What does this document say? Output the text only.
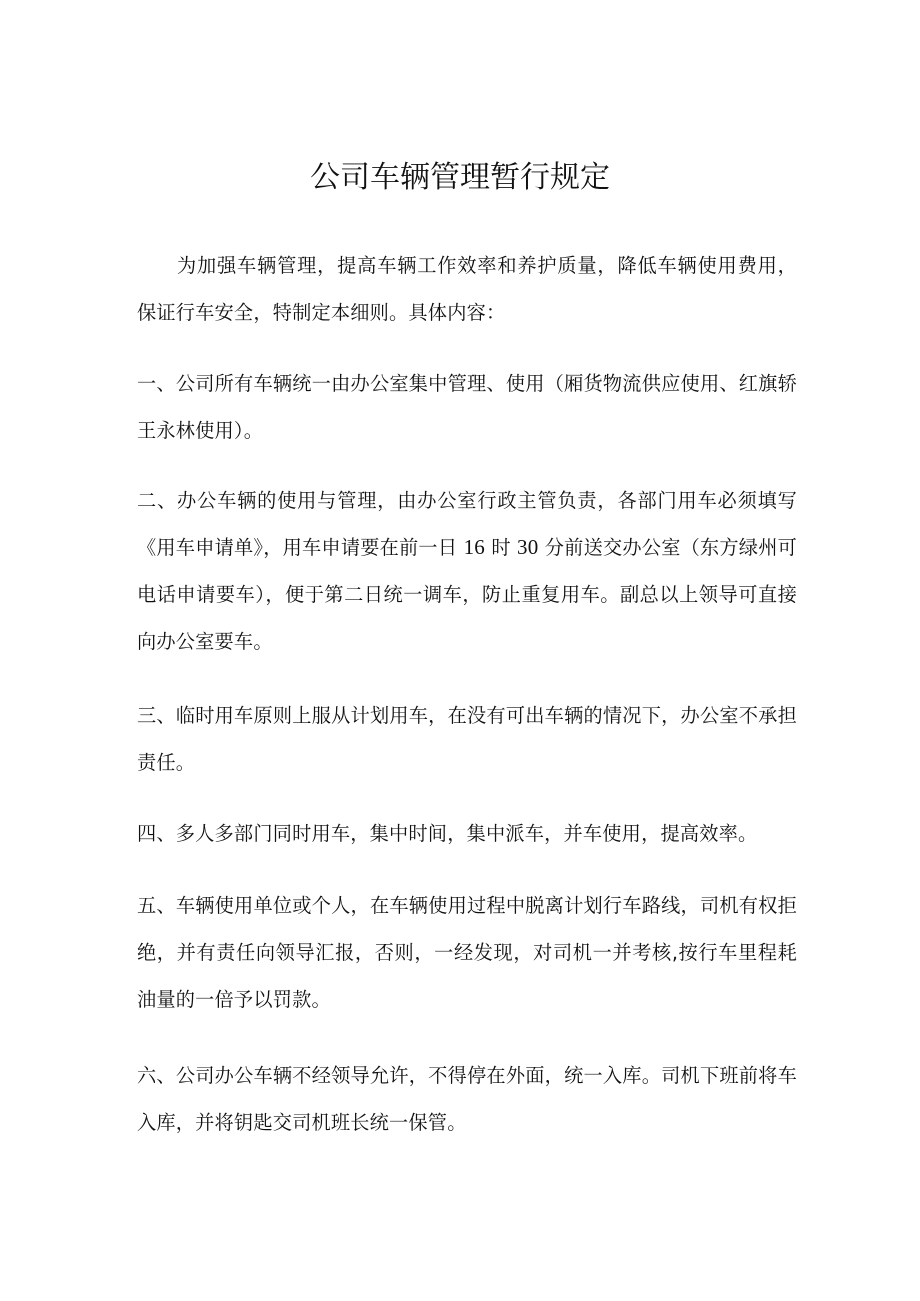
公司车辆管理暂行规定

为加强车辆管理，提高车辆工作效率和养护质量，降低车辆使用费用，保证行车安全，特制定本细则。具体内容：

一、公司所有车辆统一由办公室集中管理、使用（厢货物流供应使用、红旗轿王永林使用）。

二、办公车辆的使用与管理，由办公室行政主管负责，各部门用车必须填写《用车申请单》，用车申请要在前一日 16 时 30 分前送交办公室（东方绿州可电话申请要车），便于第二日统一调车，防止重复用车。副总以上领导可直接向办公室要车。

三、临时用车原则上服从计划用车，在没有可出车辆的情况下，办公室不承担责任。

四、多人多部门同时用车，集中时间，集中派车，并车使用，提高效率。

五、车辆使用单位或个人，在车辆使用过程中脱离计划行车路线，司机有权拒绝，并有责任向领导汇报，否则，一经发现，对司机一并考核,按行车里程耗油量的一倍予以罚款。

六、公司办公车辆不经领导允许，不得停在外面，统一入库。司机下班前将车入库，并将钥匙交司机班长统一保管。
